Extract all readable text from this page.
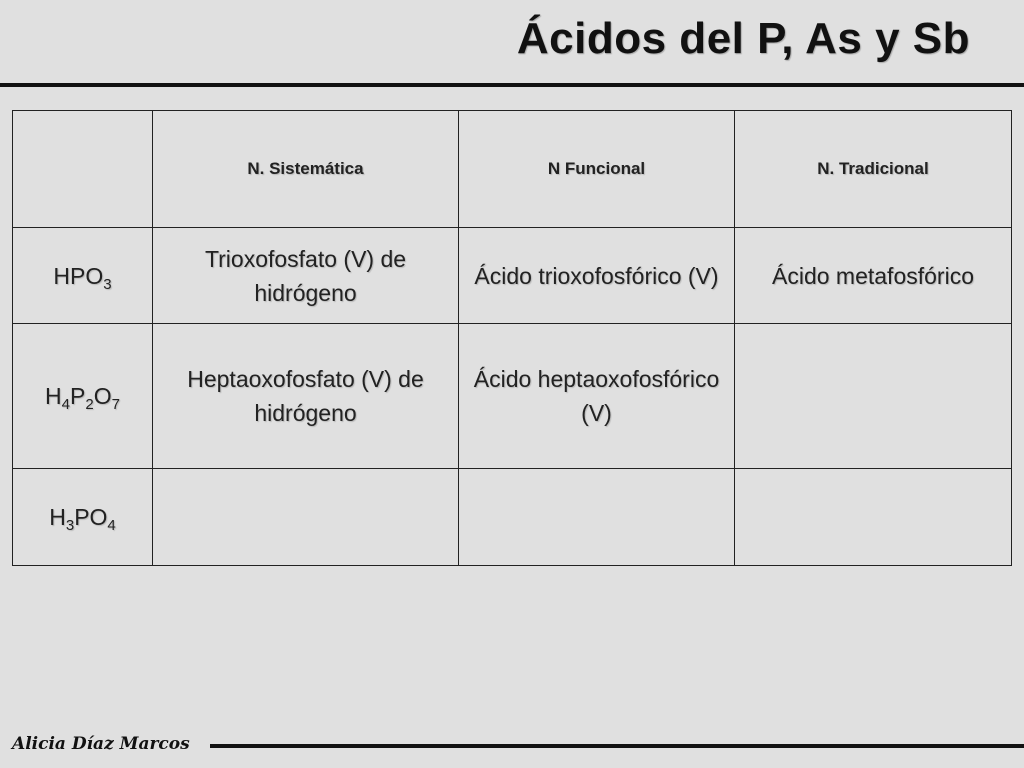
Ácidos del P, As y Sb
	N. Sistemática	N Funcional	N. Tradicional
$HPO_3$	Trioxofosfato (V) de hidrógeno	Ácido trioxofosfórico (V)	Ácido metafosfórico
$H_4P_2O_7$	Heptaoxofosfato (V) de hidrógeno	Ácido heptaoxofosfórico (V)	
$H_3PO_4$			
Alicia Díaz Marcos
